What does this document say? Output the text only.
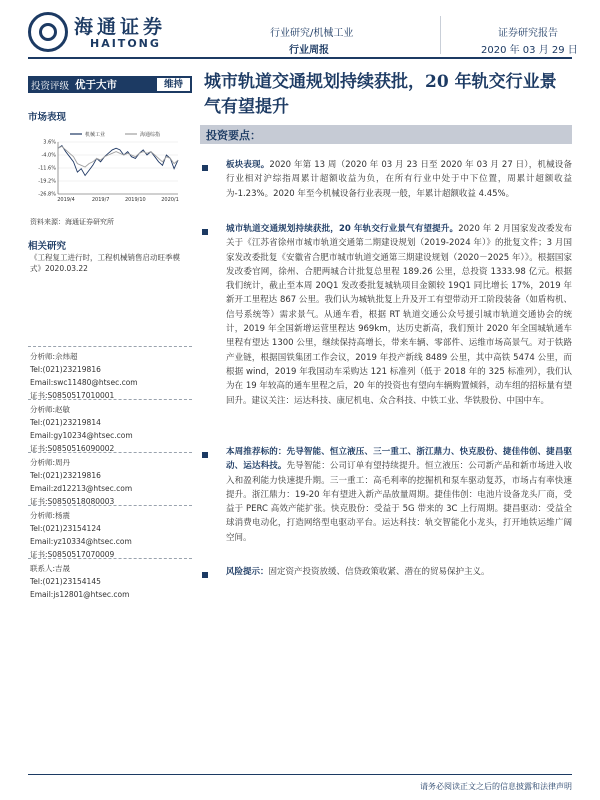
海通证券
HAITONG
行业研究/机械工业
行业周报
证券研究报告
2020 年 03 月 29 日
投资评级 优于大市	维持
市场表现
机械工业	海通综指
3.6%
-4.0%
-11.6%
-19.2%
-26.8%
2019/4	2019/7	2019/10	2020/1
资料来源：海通证券研究所
相关研究
《工程复工进行时，工程机械销售启动旺季模式》2020.03.22
分析师:佘炜超
Tel:(021)23219816
Email:swc11480@htsec.com
证书:S0850517010001
分析师:赵敏
Tel:(021)23219814
Email:gy10234@htsec.com
证书:S0850516090002
分析师:周丹
Tel:(021)23219816
Email:zd12213@htsec.com
证书:S0850518080003
分析师:杨震
Tel:(021)23154124
Email:yz10334@htsec.com
证书:S0850517070009
联系人:吉晟
Tel:(021)23154145
Email:js12801@htsec.com
城市轨道交通规划持续获批，20 年轨交行业景气有望提升
投资要点：
板块表现。2020 年第 13 周（2020 年 03 月 23 日至 2020 年 03 月 27 日），机械设备行业相对沪综指周累计超额收益为负，在所有行业中处于中下位置，周累计超额收益为-1.23%。2020 年至今机械设备行业表现一般，年累计超额收益 4.45%。
城市轨道交通规划持续获批，20 年轨交行业景气有望提升。2020 年 2 月国家发改委发布关于《江苏省徐州市城市轨道交通第二期建设规划（2019-2024 年）》的批复文件；3 月国家发改委批复《安徽省合肥市城市轨道交通第三期建设规划（2020－2025 年）》。根据国家发改委官网，徐州、合肥两城合计批复总里程 189.26 公里，总投资 1333.98 亿元。根据我们统计，截止至本周 20Q1 发改委批复城轨项目金额较 19Q1 同比增长 17%，2019 年新开工里程达 867 公里。我们认为城轨批复上升及开工有望带动开工阶段装备（如盾构机、信号系统等）需求景气。从通车看，根据 RT 轨道交通公众号援引城市轨道交通协会的统计，2019 年全国新增运营里程达 969km，达历史新高，我们预计 2020 年全国城轨通车里程有望达 1300 公里，继续保持高增长，带来车辆、零部件、运维市场高景气。对于铁路产业链，根据国铁集团工作会议，2019 年投产新线 8489 公里，其中高铁 5474 公里，而根据 wind，2019 年我国动车采购达 121 标准列（低于 2018 年的 325 标准列），我们认为在 19 年较高的通车里程之后，20 年的投资也有望向车辆购置倾斜，动车组的招标量有望回升。建议关注：运达科技、康尼机电、众合科技、中铁工业、华铁股份、中国中车。
本周推荐标的：先导智能、恒立液压、三一重工、浙江鼎力、快克股份、捷佳伟创、捷昌驱动、运达科技。先导智能：公司订单有望持续提升。恒立液压：公司新产品和新市场进入收入和盈利能力快速提升期。三一重工：高毛利率的挖掘机和泵车驱动复苏，市场占有率快速提升。浙江鼎力：19-20 年有望进入新产品放量周期。捷佳伟创：电池片设备龙头厂商，受益于 PERC 高效产能扩张。快克股份：受益于 5G 带来的 3C 上行周期。捷昌驱动：受益全球消费电动化，打造网络型电驱动平台。运达科技：轨交智能化小龙头，打开地铁运维广阔空间。
风险提示：固定资产投资放缓、信贷政策收紧、潜在的贸易保护主义。
请务必阅读正文之后的信息披露和法律声明
